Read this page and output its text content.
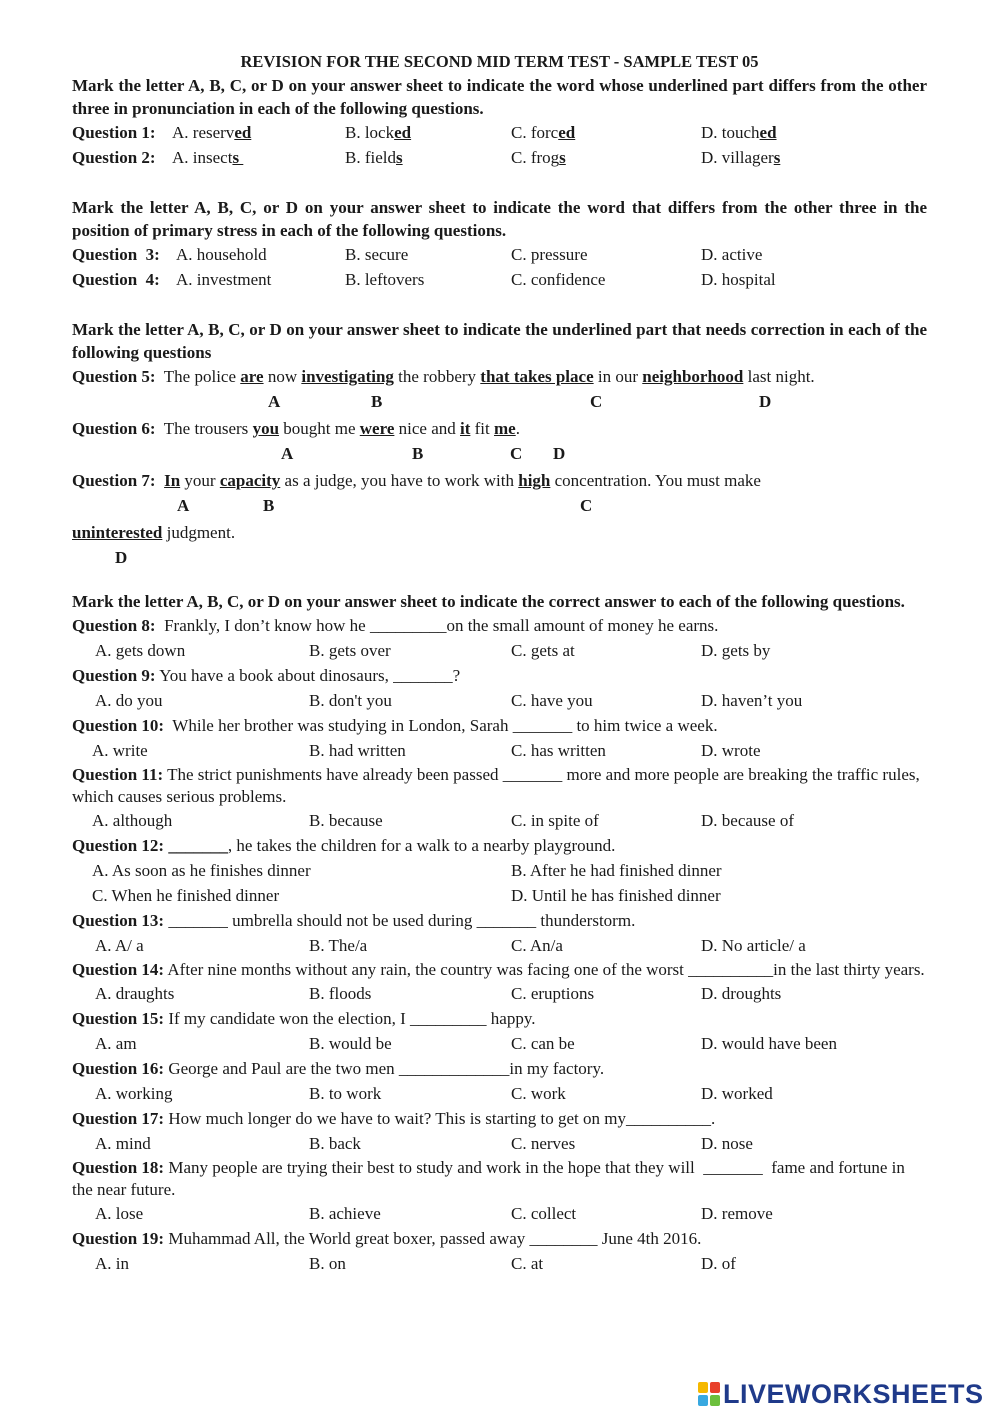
REVISION FOR THE SECOND MID TERM TEST - SAMPLE TEST 05
Mark the letter A, B, C, or D on your answer sheet to indicate the word whose underlined part differs from the other three in pronunciation in each of the following questions.
Question 1: A. reserved	B. locked	C. forced	D. touched
Question 2: A. insects	B. fields	C. frogs	D. villagers
Mark the letter A, B, C, or D on your answer sheet to indicate the word that differs from the other three in the position of primary stress in each of the following questions.
Question  3: A. household	B. secure	C. pressure	D. active
Question  4: A. investment	B. leftovers	C. confidence	D. hospital
Mark the letter A, B, C, or D on your answer sheet to indicate the underlined part that needs correction in each of the following questions
Question 5: The police are now investigating the robbery that takes place in our neighborhood last night.
A	B	C	D
Question 6: The trousers you bought me were nice and it fit me.
A	B	C D
Question 7: In your capacity as a judge, you have to work with high concentration. You must make
A	B	C
uninterested judgment.
D
Mark the letter A, B, C, or D on your answer sheet to indicate the correct answer to each of the following questions.
Question 8: Frankly, I don’t know how he _________on the small amount of money he earns.
A. gets down	B. gets over	C. gets at	D. gets by
Question 9: You have a book about dinosaurs, _______?
A. do you	B. don't you	C. have you	D. haven’t you
Question 10: While her brother was studying in London, Sarah _______ to him twice a week.
A. write	B. had written	C. has written	D. wrote
Question 11: The strict punishments have already been passed _______ more and more people are breaking the traffic rules, which causes serious problems.
A. although	B. because	C. in spite of	D. because of
Question 12: _______, he takes the children for a walk to a nearby playground.
A. As soon as he finishes dinner	B. After he had finished dinner
C. When he finished dinner	D. Until he has finished dinner
Question 13: _______ umbrella should not be used during _______ thunderstorm.
A. A/ a	B. The/a	C. An/a	D. No article/ a
Question 14: After nine months without any rain, the country was facing one of the worst __________in the last thirty years.
A. draughts	B. floods	C. eruptions	D. droughts
Question 15: If my candidate won the election, I _________ happy.
A. am	B. would be	C. can be	D. would have been
Question 16: George and Paul are the two men _____________in my factory.
A. working	B. to work	C. work	D. worked
Question 17: How much longer do we have to wait? This is starting to get on my__________.
A. mind	B. back	C. nerves	D. nose
Question 18: Many people are trying their best to study and work in the hope that they will  _______  fame and fortune in the near future.
A. lose	B. achieve	C. collect	D. remove
Question 19: Muhammad All, the World great boxer, passed away ________ June 4th 2016.
A. in	B. on	C. at	D. of
LIVEWORKSHEETS
